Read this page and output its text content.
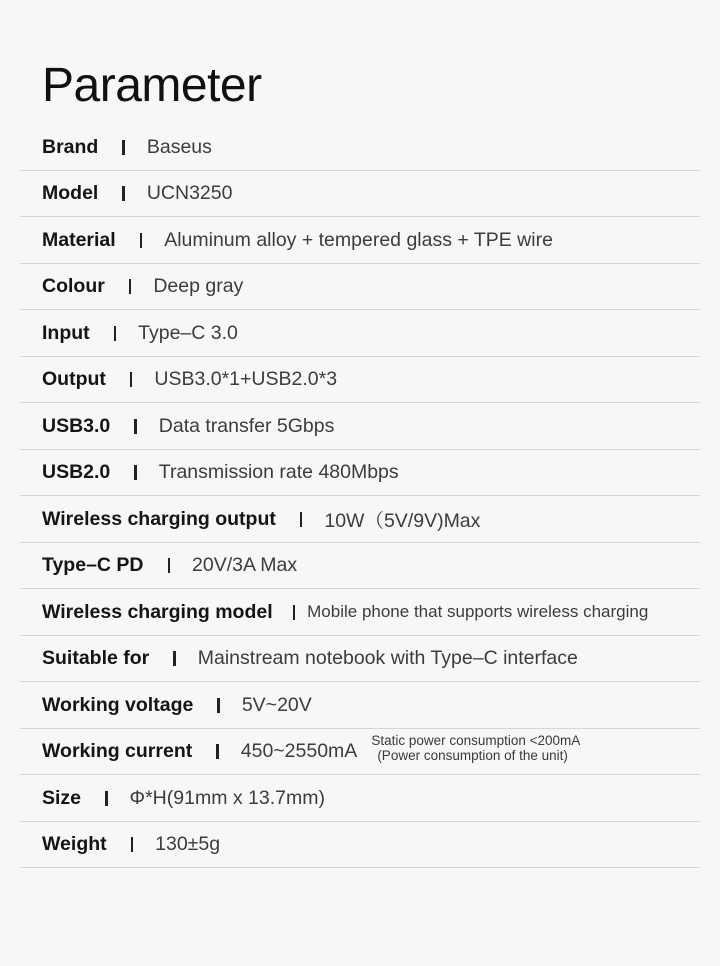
Parameter
Brand Baseus
Model UCN3250
Material Aluminum alloy + tempered glass + TPE wire
Colour Deep gray
Input Type–C 3.0
Output USB3.0*1+USB2.0*3
USB3.0 Data transfer 5Gbps
USB2.0 Transmission rate 480Mbps
Wireless charging output 10W（5V/9V)Max
Type–C PD 20V/3A Max
Wireless charging model Mobile phone that supports wireless charging
Suitable for Mainstream notebook with Type–C interface
Working voltage 5V~20V
Working current 450~2550mA Static power consumption <200mA
(Power consumption of the unit)
Size Φ*H(91mm x 13.7mm)
Weight 130±5g
